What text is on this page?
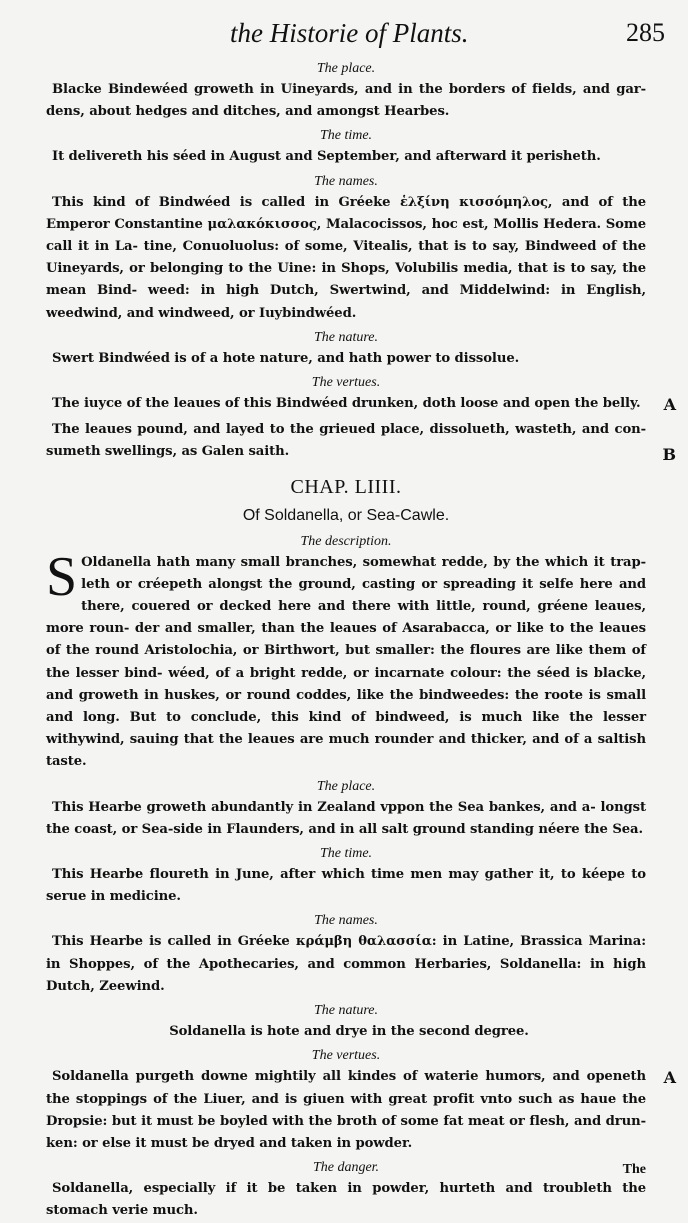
the Historie of Plants.	285
The place.

Blacke Bindewéed groweth in Uineyards, and in the borders of fields, and gar- dens, about hedges and ditches, and amongst Hearbes.

The time.

It delivereth his séed in August and September, and afterward it perisheth.

The names.

This kind of Bindwéed is called in Gréeke ἑλξίνη κισσόμηλος, and of the Emperor Constantine μαλακόκισσος, Malacocissos, hoc est, Mollis Hedera. Some call it in La- tine, Conuoluolus: of some, Vitealis, that is to say, Bindweed of the Uineyards, or belonging to the Uine: in Shops, Volubilis media, that is to say, the mean Bind- weed: in high Dutch, Swertwind, and Middelwind: in English, weedwind, and windweed, or Iuybindwéed.

The nature.

Swert Bindwéed is of a hote nature, and hath power to dissolue.

The vertues.
A

The iuyce of the leaues of this Bindwéed drunken, doth loose and open the belly.

B

The leaues pound, and layed to the grieued place, dissolueth, wasteth, and con- sumeth swellings, as Galen saith.

CHAP. LIIII.
Of Soldanella, or Sea-Cawle.
The description.
S Oldanella hath many small branches, somewhat redde, by the which it trap- leth or créepeth alongst the ground, casting or spreading it selfe here and there, couered or decked here and there with little, round, gréene leaues, more roun- der and smaller, than the leaues of Asarabacca, or like to the leaues of the round Aristolochia, or Birthwort, but smaller: the floures are like them of the lesser bind- wéed, of a bright redde, or incarnate colour: the séed is blacke, and groweth in huskes, or round coddes, like the bindweedes: the roote is small and long. But to conclude, this kind of bindweed, is much like the lesser withywind, sauing that the leaues are much rounder and thicker, and of a saltish taste.

The place.

This Hearbe groweth abundantly in Zealand vppon the Sea bankes, and a- longst the coast, or Sea-side in Flaunders, and in all salt ground standing néere the Sea.

The time.

This Hearbe floureth in June, after which time men may gather it, to kéepe to serue in medicine.

The names.

This Hearbe is called in Gréeke κράμβη θαλασσία: in Latine, Brassica Marina: in Shoppes, of the Apothecaries, and common Herbaries, Soldanella: in high Dutch, Zeewind.

The nature.

Soldanella is hote and drye in the second degree.

The vertues.
A

Soldanella purgeth downe mightily all kindes of waterie humors, and openeth the stoppings of the Liuer, and is giuen with great profit vnto such as haue the Dropsie: but it must be boyled with the broth of some fat meat or flesh, and drun- ken: or else it must be dryed and taken in powder.

The danger.

Soldanella, especially if it be taken in powder, hurteth and troubleth the stomach verie much.

The
